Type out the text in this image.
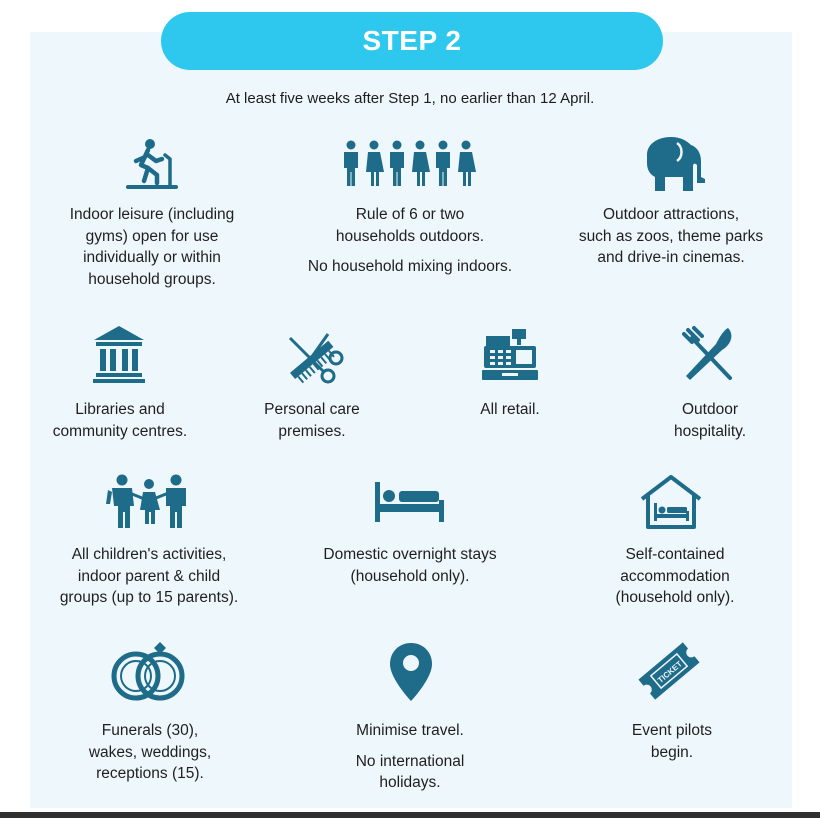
STEP 2
At least five weeks after Step 1, no earlier than 12 April.
Indoor leisure (including
gyms) open for use
individually or within
household groups.
Rule of 6 or two
households outdoors.
No household mixing indoors.
Outdoor attractions,
such as zoos, theme parks
and drive-in cinemas.
Libraries and
community centres.
Personal care
premises.
All retail.	Outdoor
hospitality.
All children's activities,
indoor parent & child
groups (up to 15 parents).
Domestic overnight stays
(household only).
Self-contained
accommodation
(household only).
Funerals (30),
wakes, weddings,
receptions (15).
Minimise travel.
No international
holidays.
TICKET
Event pilots
begin.
